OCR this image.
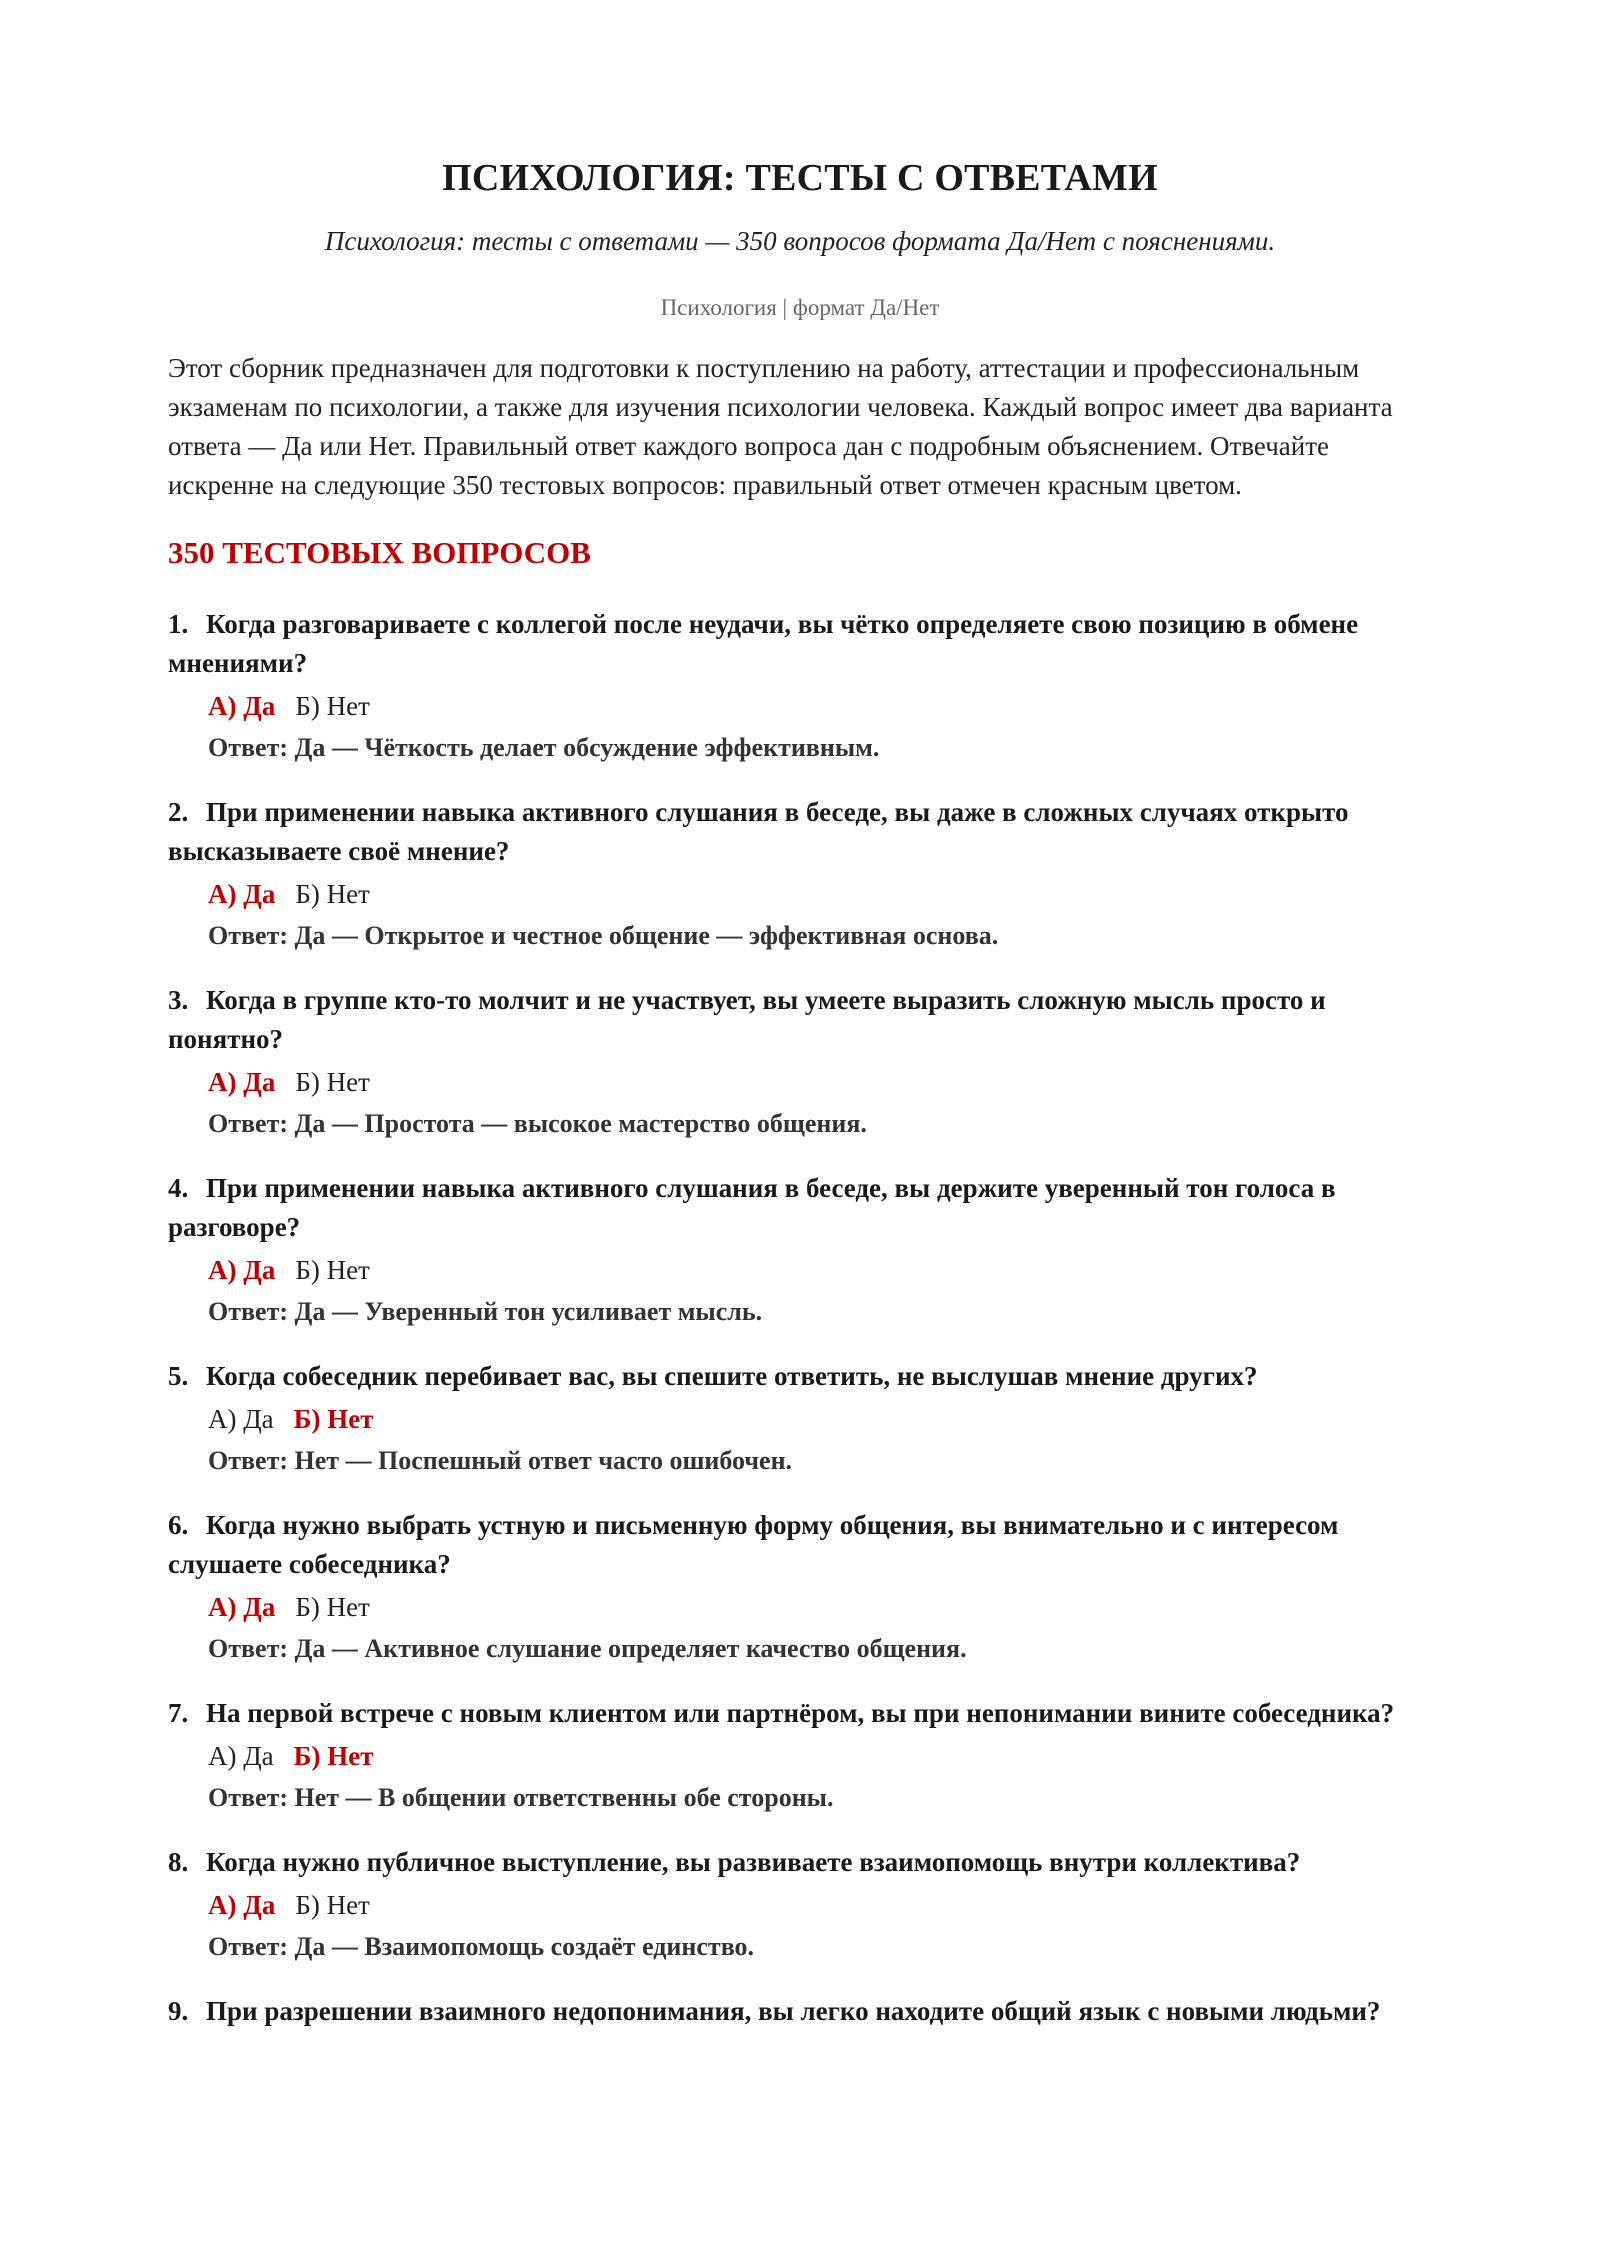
ПСИХОЛОГИЯ: ТЕСТЫ С ОТВЕТАМИ
Психология: тесты с ответами — 350 вопросов формата Да/Нет с пояснениями.
Психология | формат Да/Нет
Этот сборник предназначен для подготовки к поступлению на работу, аттестации и профессиональным экзаменам по психологии, а также для изучения психологии человека. Каждый вопрос имеет два варианта ответа — Да или Нет. Правильный ответ каждого вопроса дан с подробным объяснением. Отвечайте искренне на следующие 350 тестовых вопросов: правильный ответ отмечен красным цветом.
350 ТЕСТОВЫХ ВОПРОСОВ
1. Когда разговариваете с коллегой после неудачи, вы чётко определяете свою позицию в обмене мнениями?
А) Да Б) Нет
Ответ: Да — Чёткость делает обсуждение эффективным.
2. При применении навыка активного слушания в беседе, вы даже в сложных случаях открыто высказываете своё мнение?
А) Да Б) Нет
Ответ: Да — Открытое и честное общение — эффективная основа.
3. Когда в группе кто-то молчит и не участвует, вы умеете выразить сложную мысль просто и понятно?
А) Да Б) Нет
Ответ: Да — Простота — высокое мастерство общения.
4. При применении навыка активного слушания в беседе, вы держите уверенный тон голоса в разговоре?
А) Да Б) Нет
Ответ: Да — Уверенный тон усиливает мысль.
5. Когда собеседник перебивает вас, вы спешите ответить, не выслушав мнение других?
А) Да Б) Нет
Ответ: Нет — Поспешный ответ часто ошибочен.
6. Когда нужно выбрать устную и письменную форму общения, вы внимательно и с интересом слушаете собеседника?
А) Да Б) Нет
Ответ: Да — Активное слушание определяет качество общения.
7. На первой встрече с новым клиентом или партнёром, вы при непонимании вините собеседника?
А) Да Б) Нет
Ответ: Нет — В общении ответственны обе стороны.
8. Когда нужно публичное выступление, вы развиваете взаимопомощь внутри коллектива?
А) Да Б) Нет
Ответ: Да — Взаимопомощь создаёт единство.
9. При разрешении взаимного недопонимания, вы легко находите общий язык с новыми людьми?
